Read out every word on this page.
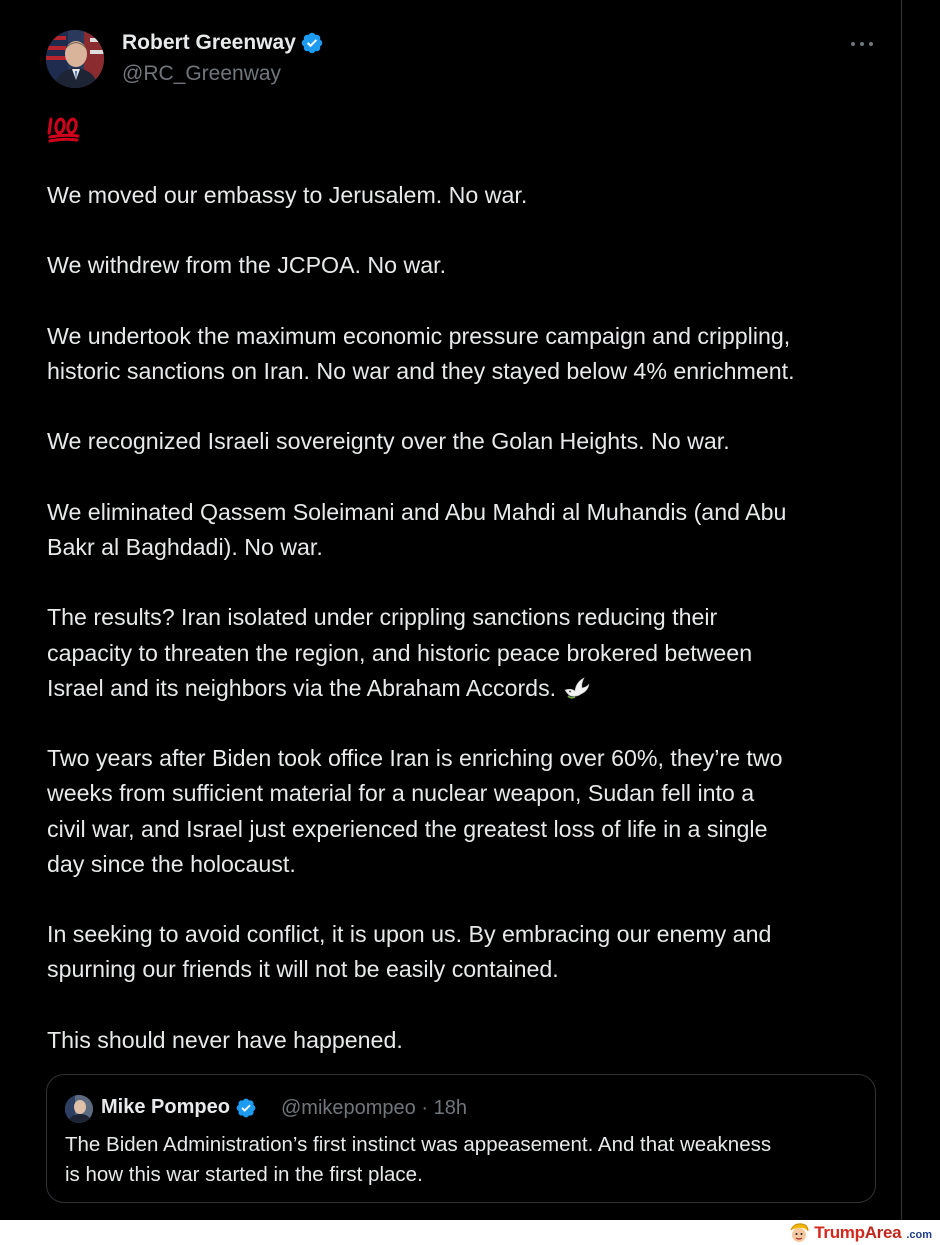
Robert Greenway
@RC_Greenway

We moved our embassy to Jerusalem. No war.

We withdrew from the JCPOA. No war.

We undertook the maximum economic pressure campaign and crippling,
historic sanctions on Iran. No war and they stayed below 4% enrichment.

We recognized Israeli sovereignty over the Golan Heights. No war.

We eliminated Qassem Soleimani and Abu Mahdi al Muhandis (and Abu
Bakr al Baghdadi). No war.

The results? Iran isolated under crippling sanctions reducing their
capacity to threaten the region, and historic peace brokered between
Israel and its neighbors via the Abraham Accords.

Two years after Biden took office Iran is enriching over 60%, they’re two
weeks from sufficient material for a nuclear weapon, Sudan fell into a
civil war, and Israel just experienced the greatest loss of life in a single
day since the holocaust.

In seeking to avoid conflict, it is upon us. By embracing our enemy and
spurning our friends it will not be easily contained.

This should never have happened.

Mike Pompeo	@mikepompeo · 18h
The Biden Administration’s first instinct was appeasement. And that weakness
is how this war started in the first place.
TrumpArea .com
